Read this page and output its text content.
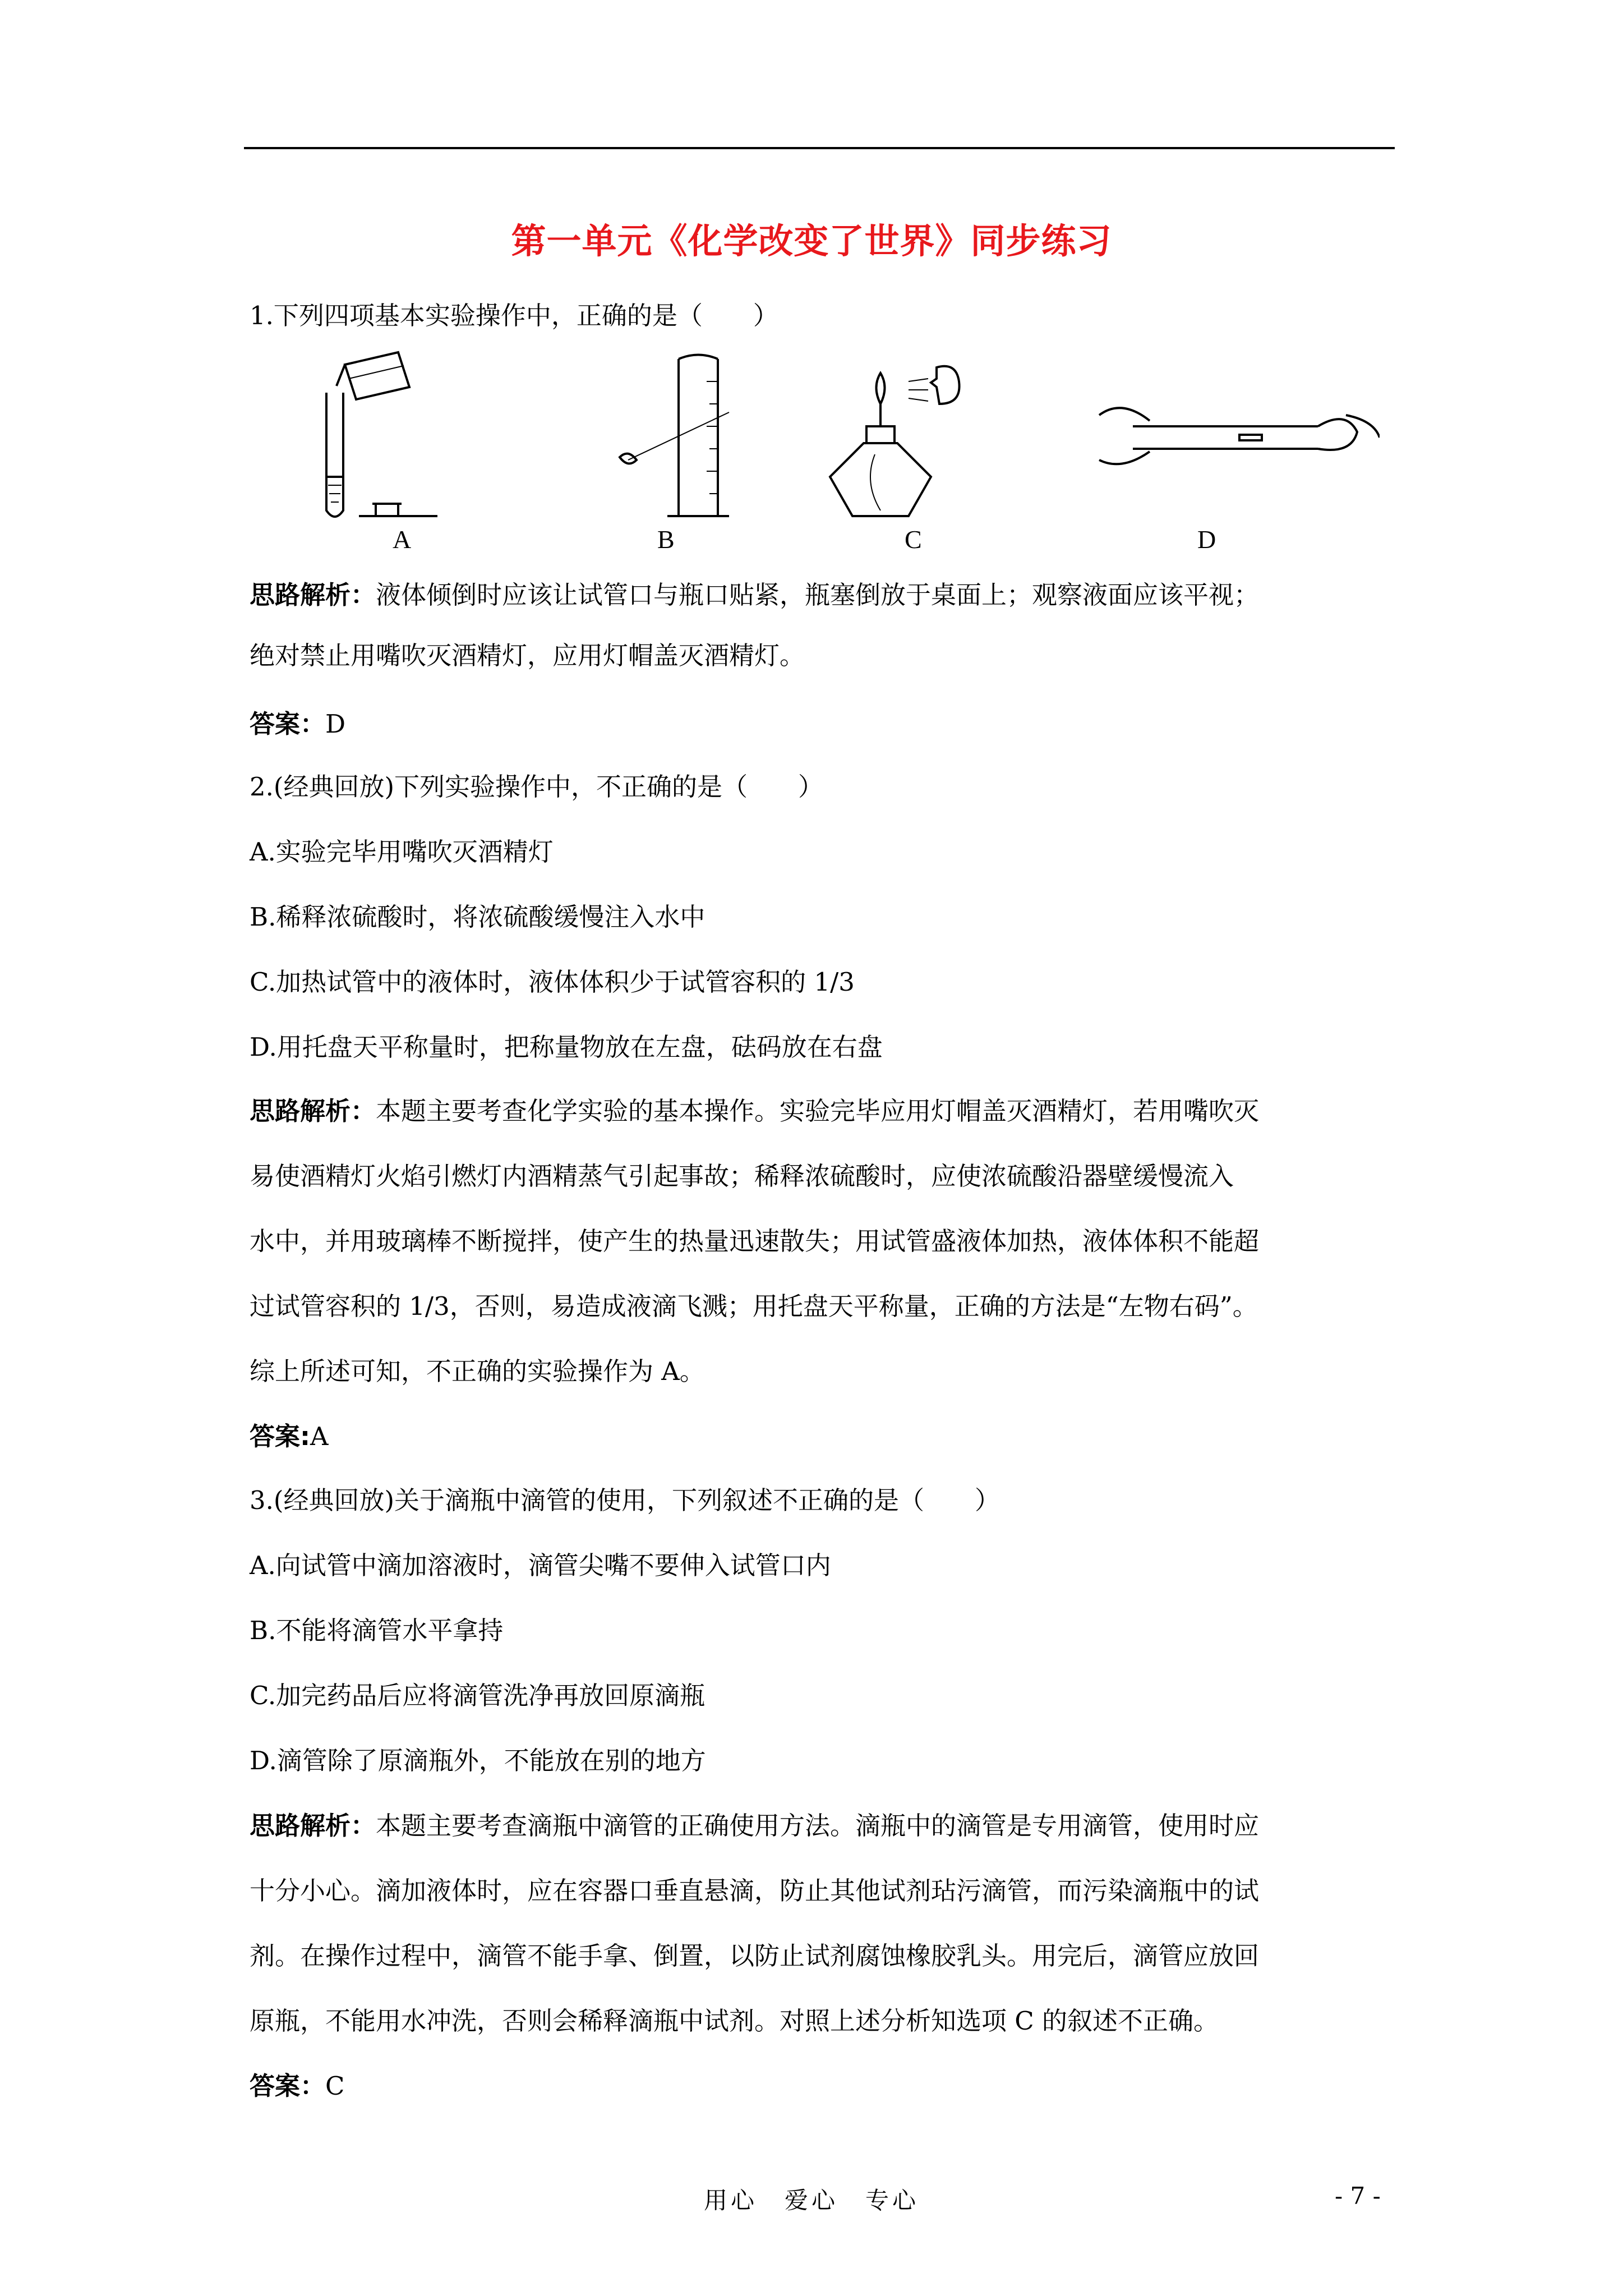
第一单元《化学改变了世界》同步练习
1.下列四项基本实验操作中，正确的是（　　）
A	B	C	D
思路解析：液体倾倒时应该让试管口与瓶口贴紧，瓶塞倒放于桌面上；观察液面应该平视；
绝对禁止用嘴吹灭酒精灯，应用灯帽盖灭酒精灯。
答案：D
2.(经典回放)下列实验操作中，不正确的是（　　）
A.实验完毕用嘴吹灭酒精灯
B.稀释浓硫酸时，将浓硫酸缓慢注入水中
C.加热试管中的液体时，液体体积少于试管容积的 1/3
D.用托盘天平称量时，把称量物放在左盘，砝码放在右盘
思路解析：本题主要考查化学实验的基本操作。实验完毕应用灯帽盖灭酒精灯，若用嘴吹灭
易使酒精灯火焰引燃灯内酒精蒸气引起事故；稀释浓硫酸时，应使浓硫酸沿器壁缓慢流入
水中，并用玻璃棒不断搅拌，使产生的热量迅速散失；用试管盛液体加热，液体体积不能超
过试管容积的 1/3，否则，易造成液滴飞溅；用托盘天平称量，正确的方法是“左物右码”。
综上所述可知，不正确的实验操作为 A。
答案:A
3.(经典回放)关于滴瓶中滴管的使用，下列叙述不正确的是（　　）
A.向试管中滴加溶液时，滴管尖嘴不要伸入试管口内
B.不能将滴管水平拿持
C.加完药品后应将滴管洗净再放回原滴瓶
D.滴管除了原滴瓶外，不能放在别的地方
思路解析：本题主要考查滴瓶中滴管的正确使用方法。滴瓶中的滴管是专用滴管，使用时应
十分小心。滴加液体时，应在容器口垂直悬滴，防止其他试剂玷污滴管，而污染滴瓶中的试
剂。在操作过程中，滴管不能手拿、倒置，以防止试剂腐蚀橡胶乳头。用完后，滴管应放回
原瓶，不能用水冲洗，否则会稀释滴瓶中试剂。对照上述分析知选项 C 的叙述不正确。
答案：C
用心　爱心　专心	- 7 -
